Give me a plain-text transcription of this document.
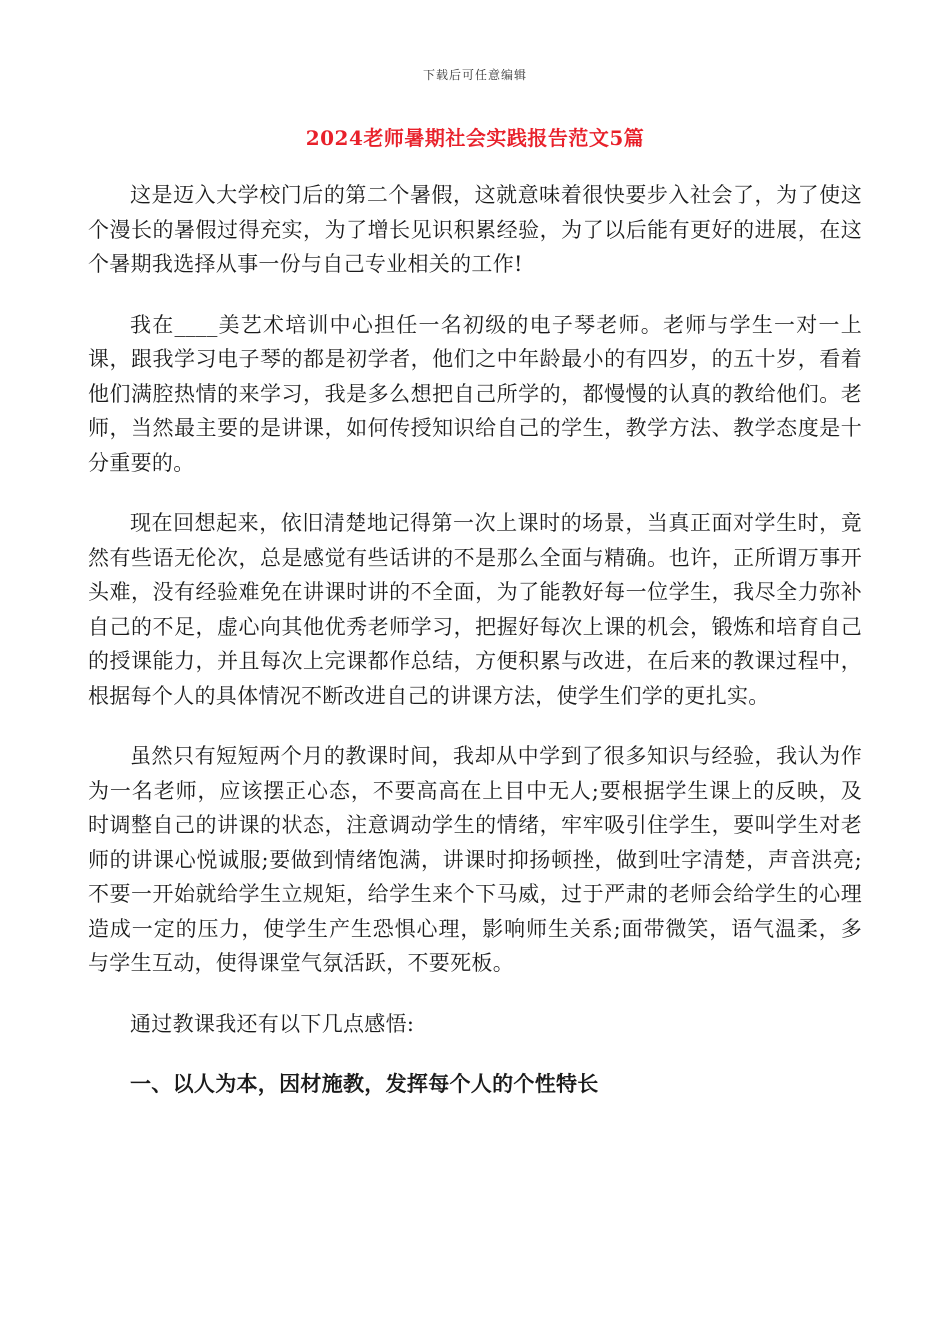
下载后可任意编辑
2024老师暑期社会实践报告范文5篇

这是迈入大学校门后的第二个暑假，这就意味着很快要步入社会了，为了使这个漫长的暑假过得充实，为了增长见识积累经验，为了以后能有更好的进展，在这个暑期我选择从事一份与自己专业相关的工作!

我在____美艺术培训中心担任一名初级的电子琴老师。老师与学生一对一上课，跟我学习电子琴的都是初学者，他们之中年龄最小的有四岁，的五十岁，看着他们满腔热情的来学习，我是多么想把自己所学的，都慢慢的认真的教给他们。老师，当然最主要的是讲课，如何传授知识给自己的学生，教学方法、教学态度是十分重要的。

现在回想起来，依旧清楚地记得第一次上课时的场景，当真正面对学生时，竟然有些语无伦次，总是感觉有些话讲的不是那么全面与精确。也许，正所谓万事开头难，没有经验难免在讲课时讲的不全面，为了能教好每一位学生，我尽全力弥补自己的不足，虚心向其他优秀老师学习，把握好每次上课的机会，锻炼和培育自己的授课能力，并且每次上完课都作总结，方便积累与改进，在后来的教课过程中，根据每个人的具体情况不断改进自己的讲课方法，使学生们学的更扎实。

虽然只有短短两个月的教课时间，我却从中学到了很多知识与经验，我认为作为一名老师，应该摆正心态，不要高高在上目中无人;要根据学生课上的反映，及时调整自己的讲课的状态，注意调动学生的情绪，牢牢吸引住学生，要叫学生对老师的讲课心悦诚服;要做到情绪饱满，讲课时抑扬顿挫，做到吐字清楚，声音洪亮;不要一开始就给学生立规矩，给学生来个下马威，过于严肃的老师会给学生的心理造成一定的压力，使学生产生恐惧心理，影响师生关系;面带微笑，语气温柔，多与学生互动，使得课堂气氛活跃，不要死板。

通过教课我还有以下几点感悟:

一、以人为本，因材施教，发挥每个人的个性特长
